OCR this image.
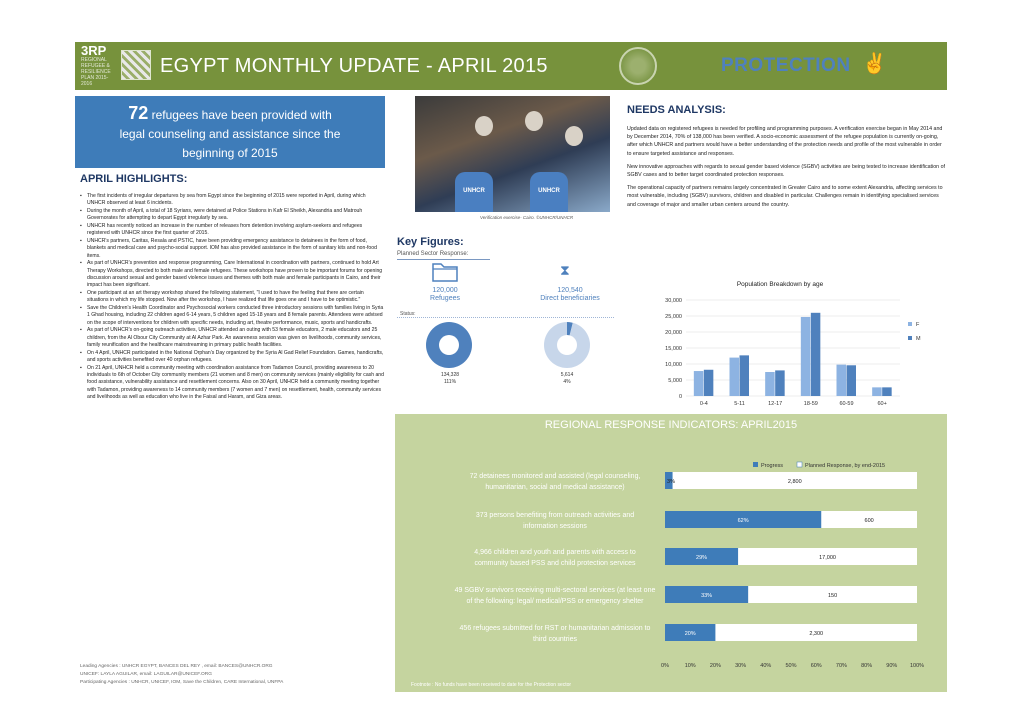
3RP
REGIONAL REFUGEE & RESILIENCE PLAN 2015-2016
EGYPT MONTHLY UPDATE - APRIL 2015	PROTECTION ✌
72 refugees have been provided with
legal counseling and assistance since the
beginning of 2015
APRIL HIGHLIGHTS:
▪ The first incidents of irregular departures by sea from Egypt since the beginning of 2015 were reported in April, during which UNHCR observed at least 6 incidents.
▪ During the month of April, a total of 18 Syrians, were detained at Police Stations in Kafr El Sheikh, Alexandria and Matrouh Governorates for attempting to depart Egypt irregularly by sea.
▪ UNHCR has recently noticed an increase in the number of releases from detention involving asylum-seekers and refugees registered with UNHCR since the first quarter of 2015.
▪ UNHCR's partners, Caritas, Resala and PSTIC, have been providing emergency assistance to detainees in the form of food, blankets and medical care and psycho-social support. IOM has also provided assistance in the form of sanitary kits and non-food items.
▪ As part of UNHCR's prevention and response programming, Care International in coordination with partners, continued to hold Art Therapy Workshops, directed to both male and female refugees. These workshops have proven to be important forums for opening discussion around sexual and gender based violence issues and themes with both male and female participants in Cairo, and their impact has been significant.
▪ One participant at an art therapy workshop shared the following statement, "I used to have the feeling that there are certain situations in which my life stopped. Now after the workshop, I have realized that life goes one and I have to be optimistic."
▪ Save the Children's Health Coordinator and Psychosocial workers conducted three introductory sessions with families living in Syria 1 Ghad housing, including 22 children aged 6-14 years, 5 children aged 15-18 years and 8 female parents. Attendees were advised on the scope of interventions for children with specific needs, including art, theatre performance, music, sports and handicrafts.
▪ As part of UNHCR's on-going outreach activities, UNHCR attended an outing with 53 female educators, 2 male educators and 25 children, from the Al Obour City Community at Al Azhar Park. An awareness session was given on livelihoods, community services, family reunification and the healthcare mainstreaming in primary public health facilities.
▪ On 4 April, UNHCR participated in the National Orphan's Day organized by the Syria Al Gad Relief Foundation. Games, handicrafts, and sports activities benefited over 40 orphan refugees.
▪ On 21 April, UNHCR held a community meeting with coordination assistance from Tadamon Council, providing awareness to 20 individuals to 6th of October City community members (21 women and 8 men) on community services (mainly eligibility for cash and food assistance, vulnerability assistance and resettlement concerns. Also on 30 April, UNHCR held a community meeting together with Tadamon, providing awareness to 14 community members (7 women and 7 men) on resettlement, health, community services and livelihoods as well as education who live in the Faisal and Haram, and Giza areas.
Leading Agencies : UNHCR EGYPT, BANCES DEL REY , email: BANCES@UNHCR.ORG
UNICEF: LAYLA AGUILAR, email: LAGUILAR@UNICEF.ORG
Participating Agencies : UNHCR, UNICEF, IOM, Save the Children, CARE International, UNFPA
UNHCR	UNHCR
Verification exercise- Cairo. ©UNHCR/UNHCR
Key Figures:
Planned Sector Response:
⧗
120,000
Refugees
120,540
Direct beneficiaries
Status:
134,328
111%
5,614
4%
NEEDS ANALYSIS:

Updated data on registered refugees is needed for profiling and programming purposes. A verification exercise began in May 2014 and by December 2014, 70% of 138,000 has been verified. A socio-economic assessment of the refugee population is currently on-going, after which UNHCR and partners would have a better understanding of the protection needs and profile of the most vulnerable in order to ensure targeted assistance and responses.

New innovative approaches with regards to sexual gender based violence (SGBV) activities are being tested to increase identification of SGBV cases and to better target coordinated protection responses.

The operational capacity of partners remains largely concentrated in Greater Cairo and to some extent Alexandria, affecting services to most vulnerable, including (SGBV) survivors, children and disabled in particular. Challenges remain in identifying specialised services and coverage of major and smaller urban centers around the country.

Population Breakdown by age
0
5,000
10,000
15,000
20,000
25,000
30,000
0-4	5-11	12-17	18-59	60-59	60+
F
M
REGIONAL RESPONSE INDICATORS: APRIL2015
Progress	Planned Response, by end-2015
72 detainees monitored and assisted (legal counseling, humanitarian, social and medical assistance)
3%	2,800
373 persons benefiting from outreach activities and information sessions
62%	600
4,966 children and youth and parents with access to community based PSS and child protection services
29%	17,000
49 SGBV survivors receiving multi-sectoral services (at least one of the following: legal/ medical/PSS or emergency shelter
33%	150
456 refugees submitted for RST or humanitarian admission to third countries
20%	2,300
0%	10%	20%	30%	40%	50%	60%	70%	80%	90% 100%
Footnote : No funds have been received to date for the Protection sector
